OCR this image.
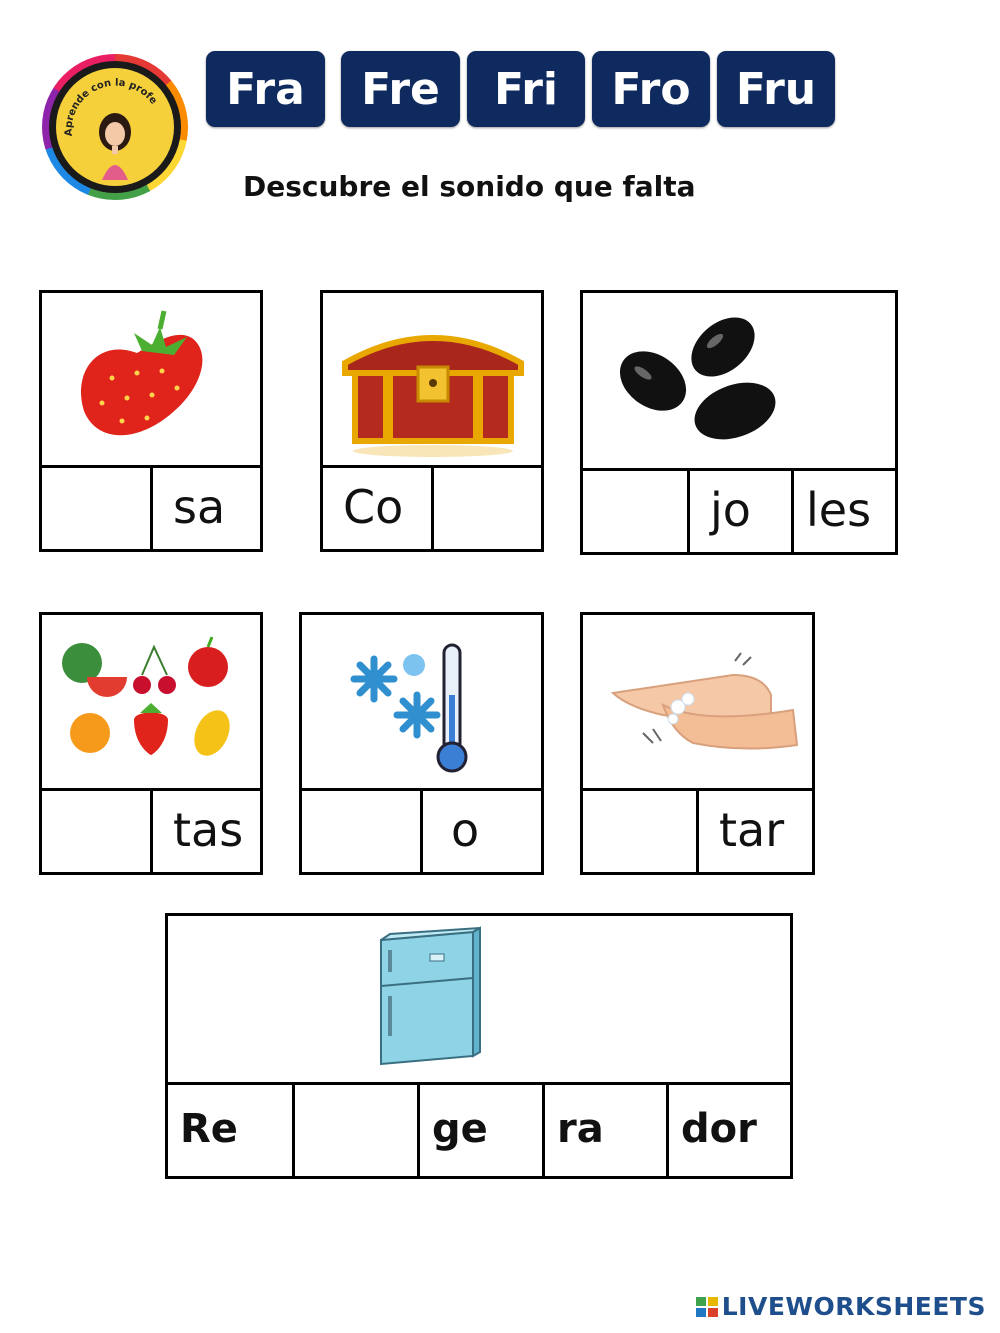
Aprende con la profe	Fra	Fre	Fri	Fro	Fru
Descubre el sonido que falta
sa	Co	jo les
tas	o	tar
Re	ge	ra	dor
LIVEWORKSHEETS
